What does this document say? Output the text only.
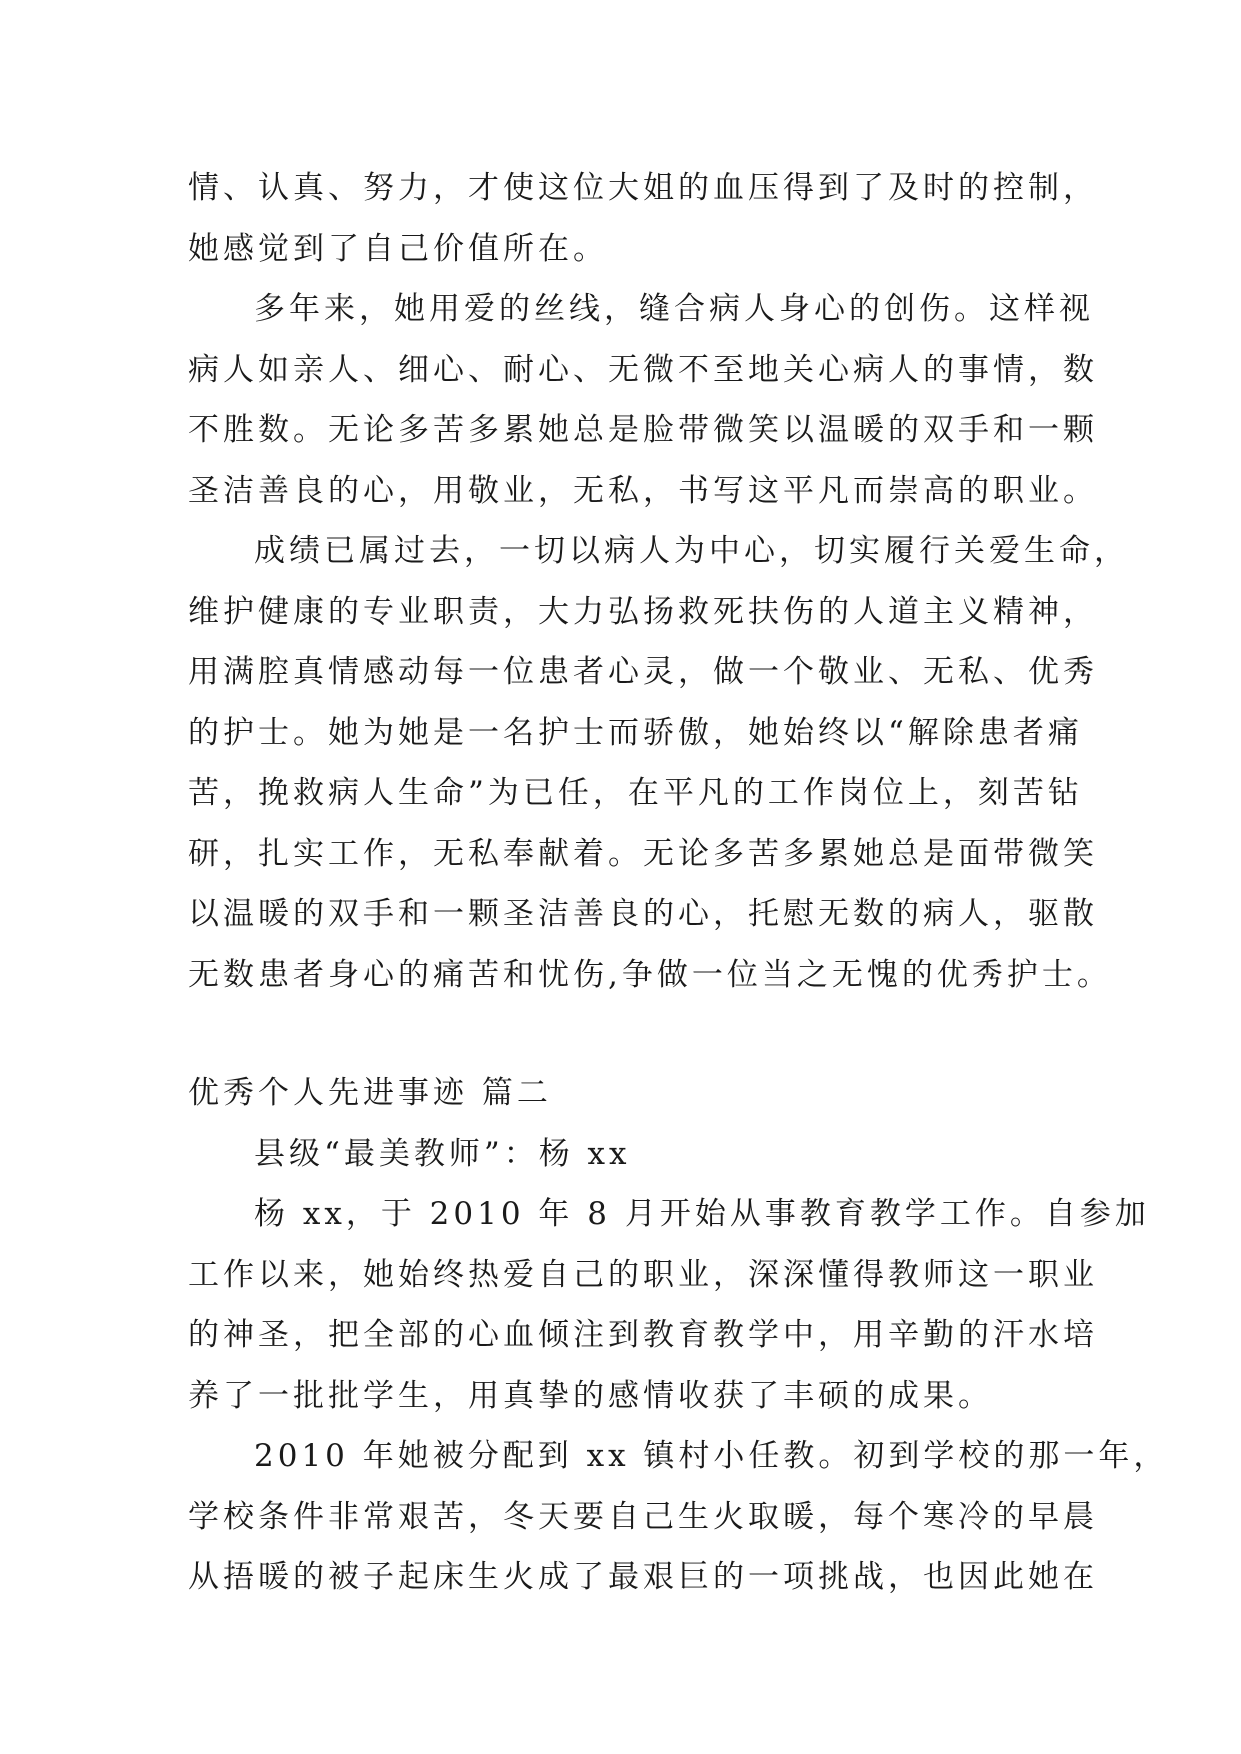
情、认真、努力，才使这位大姐的血压得到了及时的控制，
她感觉到了自己价值所在。
多年来，她用爱的丝线，缝合病人身心的创伤。这样视
病人如亲人、细心、耐心、无微不至地关心病人的事情，数
不胜数。无论多苦多累她总是脸带微笑以温暖的双手和一颗
圣洁善良的心，用敬业，无私，书写这平凡而崇高的职业。
成绩已属过去，一切以病人为中心，切实履行关爱生命，
维护健康的专业职责，大力弘扬救死扶伤的人道主义精神，
用满腔真情感动每一位患者心灵，做一个敬业、无私、优秀
的护士。她为她是一名护士而骄傲，她始终以“解除患者痛
苦，挽救病人生命”为已任，在平凡的工作岗位上，刻苦钻
研，扎实工作，无私奉献着。无论多苦多累她总是面带微笑
以温暖的双手和一颗圣洁善良的心，托慰无数的病人，驱散
无数患者身心的痛苦和忧伤,争做一位当之无愧的优秀护士。
优秀个人先进事迹 篇二
县级“最美教师”：杨 xx
杨 xx，于 2010 年 8 月开始从事教育教学工作。自参加
工作以来，她始终热爱自己的职业，深深懂得教师这一职业
的神圣，把全部的心血倾注到教育教学中，用辛勤的汗水培
养了一批批学生，用真挚的感情收获了丰硕的成果。
2010 年她被分配到 xx 镇村小任教。初到学校的那一年，
学校条件非常艰苦，冬天要自己生火取暖，每个寒冷的早晨
从捂暖的被子起床生火成了最艰巨的一项挑战，也因此她在
